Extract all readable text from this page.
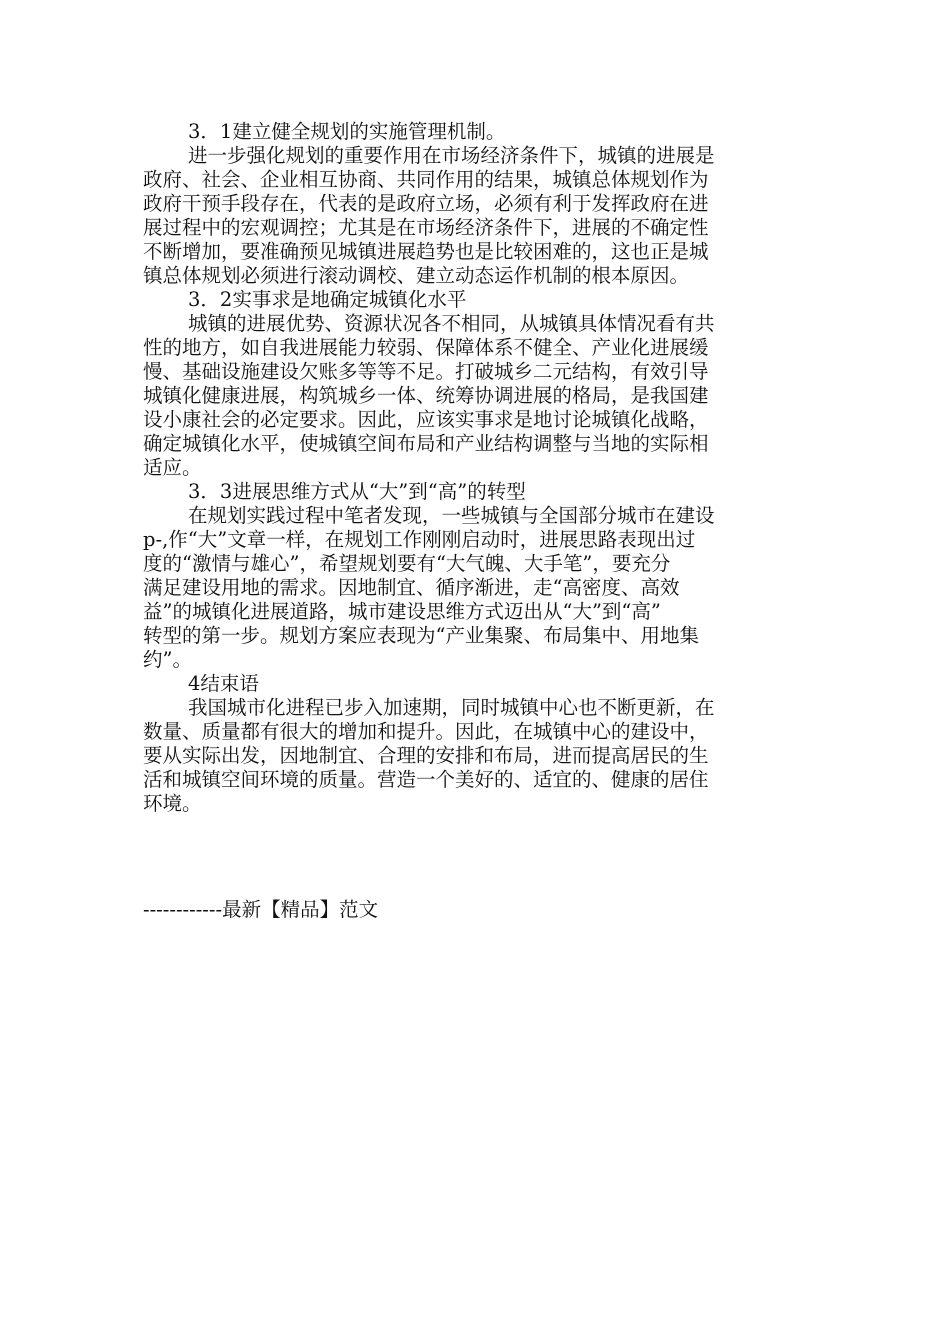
3．1建立健全规划的实施管理机制。
进一步强化规划的重要作用在市场经济条件下，城镇的进展是
政府、社会、企业相互协商、共同作用的结果，城镇总体规划作为
政府干预手段存在，代表的是政府立场，必须有利于发挥政府在进
展过程中的宏观调控；尤其是在市场经济条件下，进展的不确定性
不断增加，要准确预见城镇进展趋势也是比较困难的，这也正是城
镇总体规划必须进行滚动调校、建立动态运作机制的根本原因。
3．2实事求是地确定城镇化水平
城镇的进展优势、资源状况各不相同，从城镇具体情况看有共
性的地方，如自我进展能力较弱、保障体系不健全、产业化进展缓
慢、基础设施建设欠账多等等不足。打破城乡二元结构，有效引导
城镇化健康进展，构筑城乡一体、统筹协调进展的格局，是我国建
设小康社会的必定要求。因此，应该实事求是地讨论城镇化战略，
确定城镇化水平，使城镇空间布局和产业结构调整与当地的实际相
适应。
3．3进展思维方式从“大”到“高”的转型
在规划实践过程中笔者发现，一些城镇与全国部分城市在建设
p-,作“大”文章一样，在规划工作刚刚启动时，进展思路表现出过
度的“激情与雄心”，希望规划要有“大气魄、大手笔”，要充分
满足建设用地的需求。因地制宜、循序渐进，走“高密度、高效
益”的城镇化进展道路，城市建设思维方式迈出从“大”到“高”
转型的第一步。规划方案应表现为“产业集聚、布局集中、用地集
约”。
4结束语
我国城市化进程已步入加速期，同时城镇中心也不断更新，在
数量、质量都有很大的增加和提升。因此，在城镇中心的建设中，
要从实际出发，因地制宜、合理的安排和布局，进而提高居民的生
活和城镇空间环境的质量。营造一个美好的、适宜的、健康的居住
环境。
------------最新【精品】范文
